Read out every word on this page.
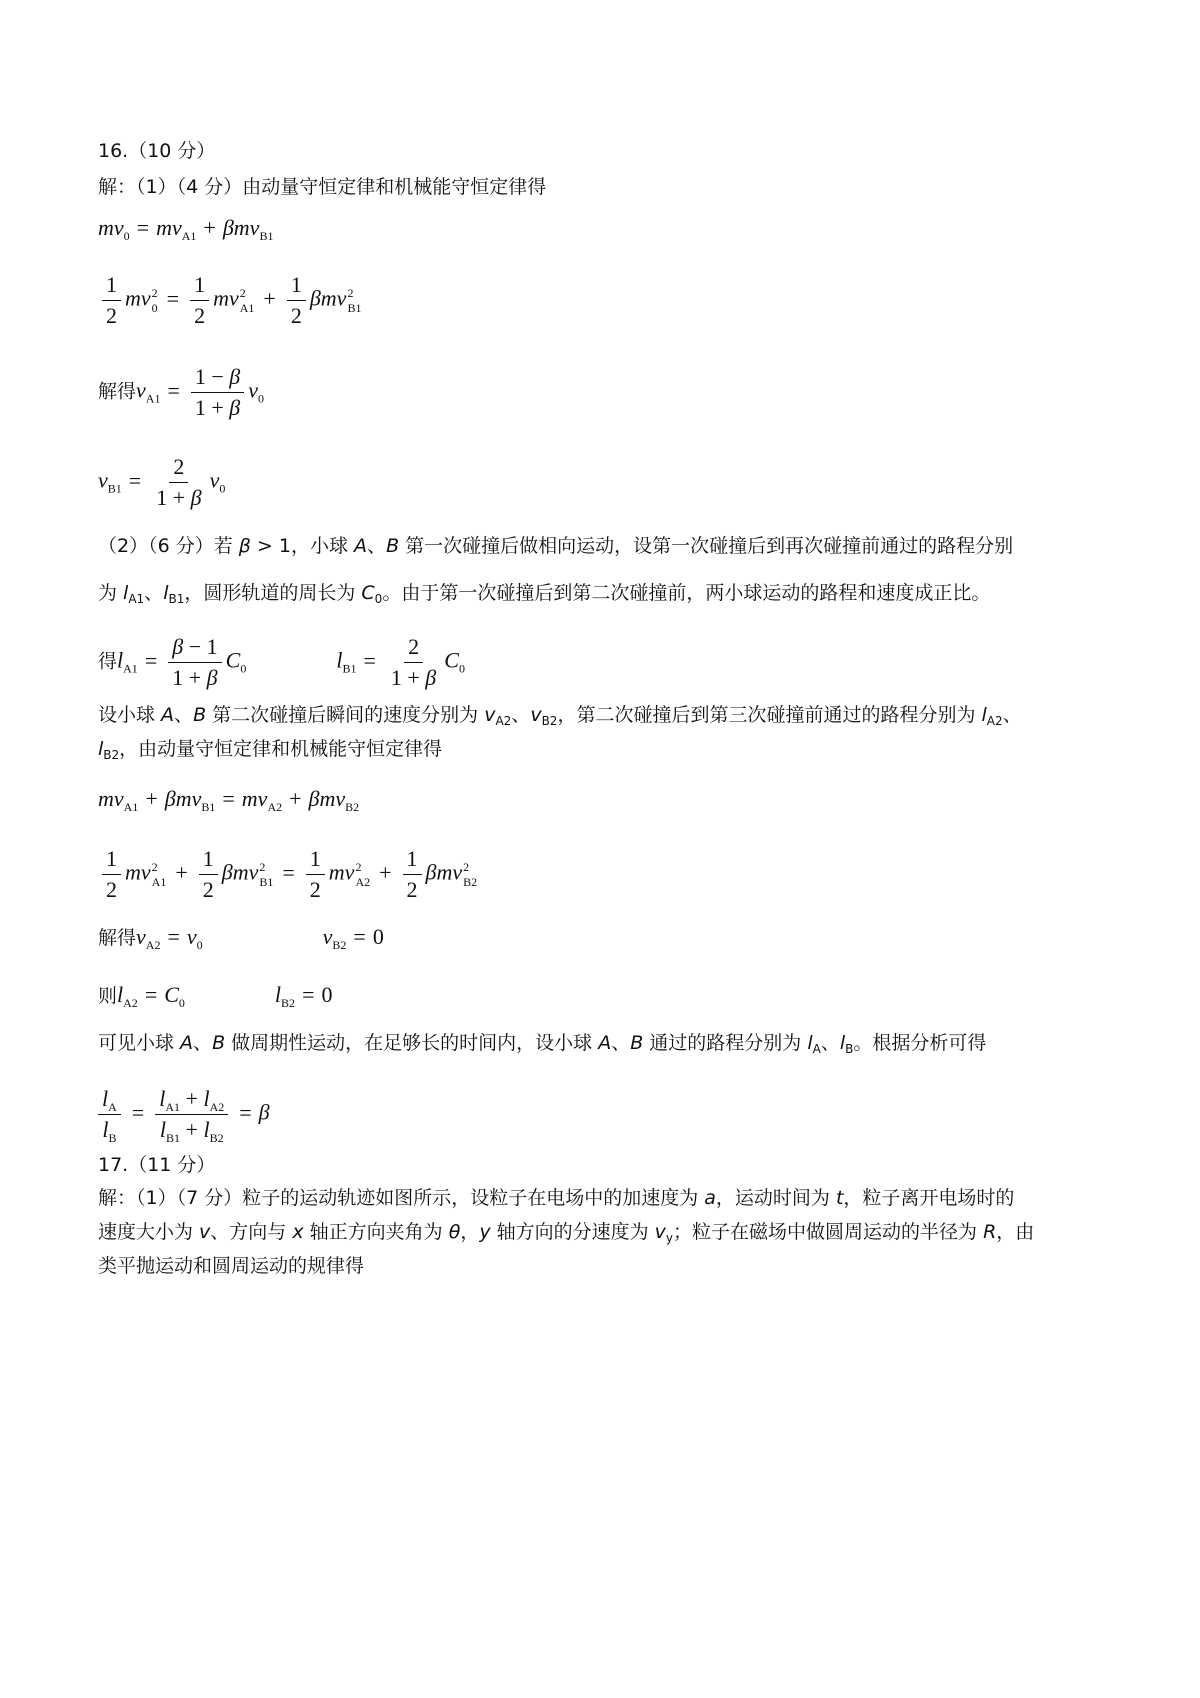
16.（10 分）
解：（1）（4 分）由动量守恒定律和机械能守恒定律得
$mv_0 = mv_{A1} + \beta mv_{B1}$
$\frac{1}{2}$ mv 2
$0 = \frac{1}{2}$ mv 2
$A1 + \frac{1}{2}$ βmv 2
B1
解得$v_{A1} = \frac{1 - \beta}{1 + \beta} v_0$
$v_{B1} = \frac{2}{1 + \beta} v_0$
（2）（6 分）若 β > 1，小球 A、B 第一次碰撞后做相向运动，设第一次碰撞后到再次碰撞前通过的路程分别
为 $l_{A1}$、$l_{B1}$，圆形轨道的周长为 $C_0$。由于第一次碰撞后到第二次碰撞前，两小球运动的路程和速度成正比。
得$l_{A1} = \frac{\beta - 1}{1 + \beta} C_0$	$l_{B1} = \frac{2}{1 + \beta} C_0$
设小球 A、B 第二次碰撞后瞬间的速度分别为 $v_{A2}$、$v_{B2}$，第二次碰撞后到第三次碰撞前通过的路程分别为 $l_{A2}$、
$l_{B2}$，由动量守恒定律和机械能守恒定律得
$mv_{A1} + \beta mv_{B1} = mv_{A2} + \beta mv_{B2}$
$\frac{1}{2}$ mv 2
$A1 + \frac{1}{2}$ βmv 2
$B1 = \frac{1}{2}$ mv 2
$A2 + \frac{1}{2}$ βmv 2
B2
解得$v_{A2} = v_0$	$v_{B2} = 0$
则$l_{A2} = C_0$	$l_{B2} = 0$
可见小球 A、B 做周期性运动，在足够长的时间内，设小球 A、B 通过的路程分别为 $l_A$、$l_B$。根据分析可得
$\frac{l_A}{l_B} = \frac{l_{A1} + l_{A2}}{l_{B1} + l_{B2}} = \beta$
17.（11 分）
解：（1）（7 分）粒子的运动轨迹如图所示，设粒子在电场中的加速度为 a，运动时间为 t，粒子离开电场时的
速度大小为 v、方向与 x 轴正方向夹角为 θ，y 轴方向的分速度为 $v_y$；粒子在磁场中做圆周运动的半径为 R，由
类平抛运动和圆周运动的规律得
